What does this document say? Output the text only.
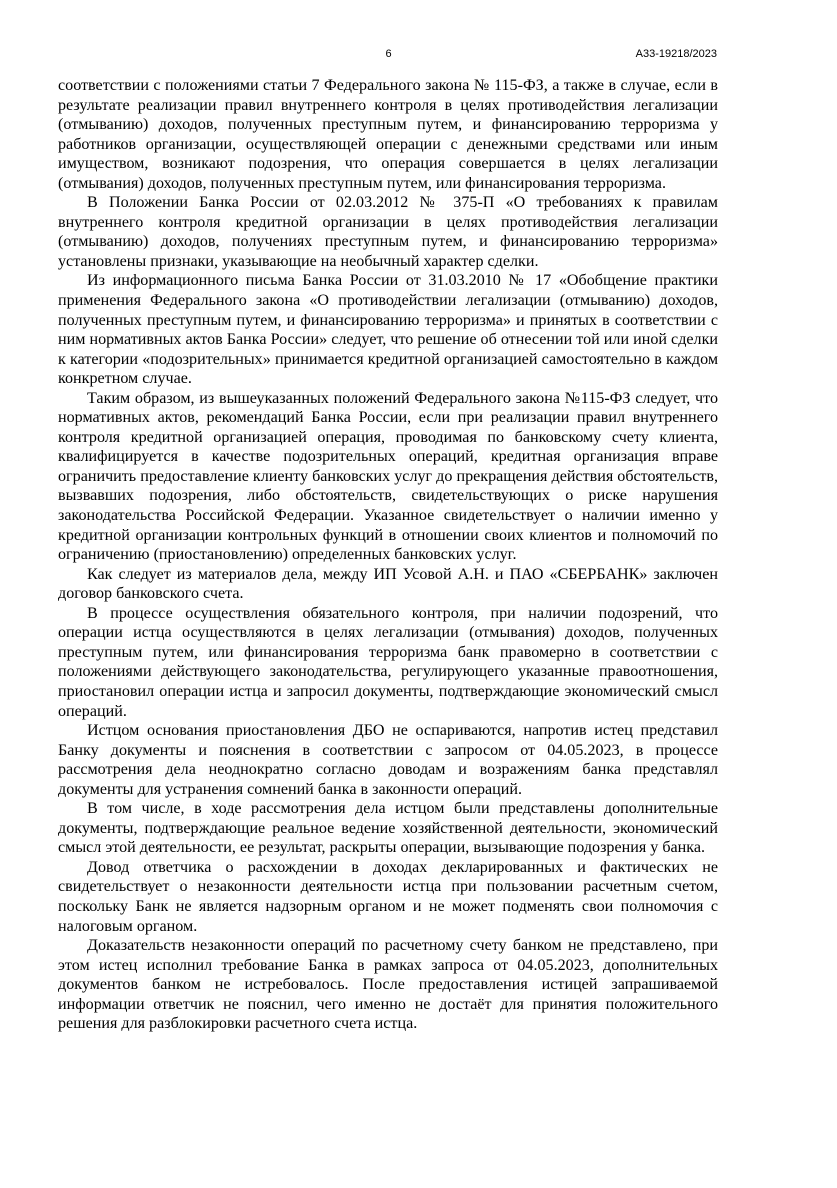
6	А33-19218/2023

соответствии с положениями статьи 7 Федерального закона № 115-ФЗ, а также в случае, если в результате реализации правил внутреннего контроля в целях противодействия легализации (отмыванию) доходов, полученных преступным путем, и финансированию терроризма у работников организации, осуществляющей операции с денежными средствами или иным имуществом, возникают подозрения, что операция совершается в целях легализации (отмывания) доходов, полученных преступным путем, или финансирования терроризма.

В Положении Банка России от 02.03.2012 № 375-П «О требованиях к правилам внутреннего контроля кредитной организации в целях противодействия легализации (отмыванию) доходов, получениях преступным путем, и финансированию терроризма» установлены признаки, указывающие на необычный характер сделки.

Из информационного письма Банка России от 31.03.2010 № 17 «Обобщение практики применения Федерального закона «О противодействии легализации (отмыванию) доходов, полученных преступным путем, и финансированию терроризма» и принятых в соответствии с ним нормативных актов Банка России» следует, что решение об отнесении той или иной сделки к категории «подозрительных» принимается кредитной организацией самостоятельно в каждом конкретном случае.

Таким образом, из вышеуказанных положений Федерального закона №115-ФЗ следует, что нормативных актов, рекомендаций Банка России, если при реализации правил внутреннего контроля кредитной организацией операция, проводимая по банковскому счету клиента, квалифицируется в качестве подозрительных операций, кредитная организация вправе ограничить предоставление клиенту банковских услуг до прекращения действия обстоятельств, вызвавших подозрения, либо обстоятельств, свидетельствующих о риске нарушения законодательства Российской Федерации. Указанное свидетельствует о наличии именно у кредитной организации контрольных функций в отношении своих клиентов и полномочий по ограничению (приостановлению) определенных банковских услуг.

Как следует из материалов дела, между ИП Усовой А.Н. и ПАО «СБЕРБАНК» заключен договор банковского счета.

В процессе осуществления обязательного контроля, при наличии подозрений, что операции истца осуществляются в целях легализации (отмывания) доходов, полученных преступным путем, или финансирования терроризма банк правомерно в соответствии с положениями действующего законодательства, регулирующего указанные правоотношения, приостановил операции истца и запросил документы, подтверждающие экономический смысл операций.

Истцом основания приостановления ДБО не оспариваются, напротив истец представил Банку документы и пояснения в соответствии с запросом от 04.05.2023, в процессе рассмотрения дела неоднократно согласно доводам и возражениям банка представлял документы для устранения сомнений банка в законности операций.

В том числе, в ходе рассмотрения дела истцом были представлены дополнительные документы, подтверждающие реальное ведение хозяйственной деятельности, экономический смысл этой деятельности, ее результат, раскрыты операции, вызывающие подозрения у банка.

Довод ответчика о расхождении в доходах декларированных и фактических не свидетельствует о незаконности деятельности истца при пользовании расчетным счетом, поскольку Банк не является надзорным органом и не может подменять свои полномочия с налоговым органом.

Доказательств незаконности операций по расчетному счету банком не представлено, при этом истец исполнил требование Банка в рамках запроса от 04.05.2023, дополнительных документов банком не истребовалось. После предоставления истицей запрашиваемой информации ответчик не пояснил, чего именно не достаёт для принятия положительного решения для разблокировки расчетного счета истца.
